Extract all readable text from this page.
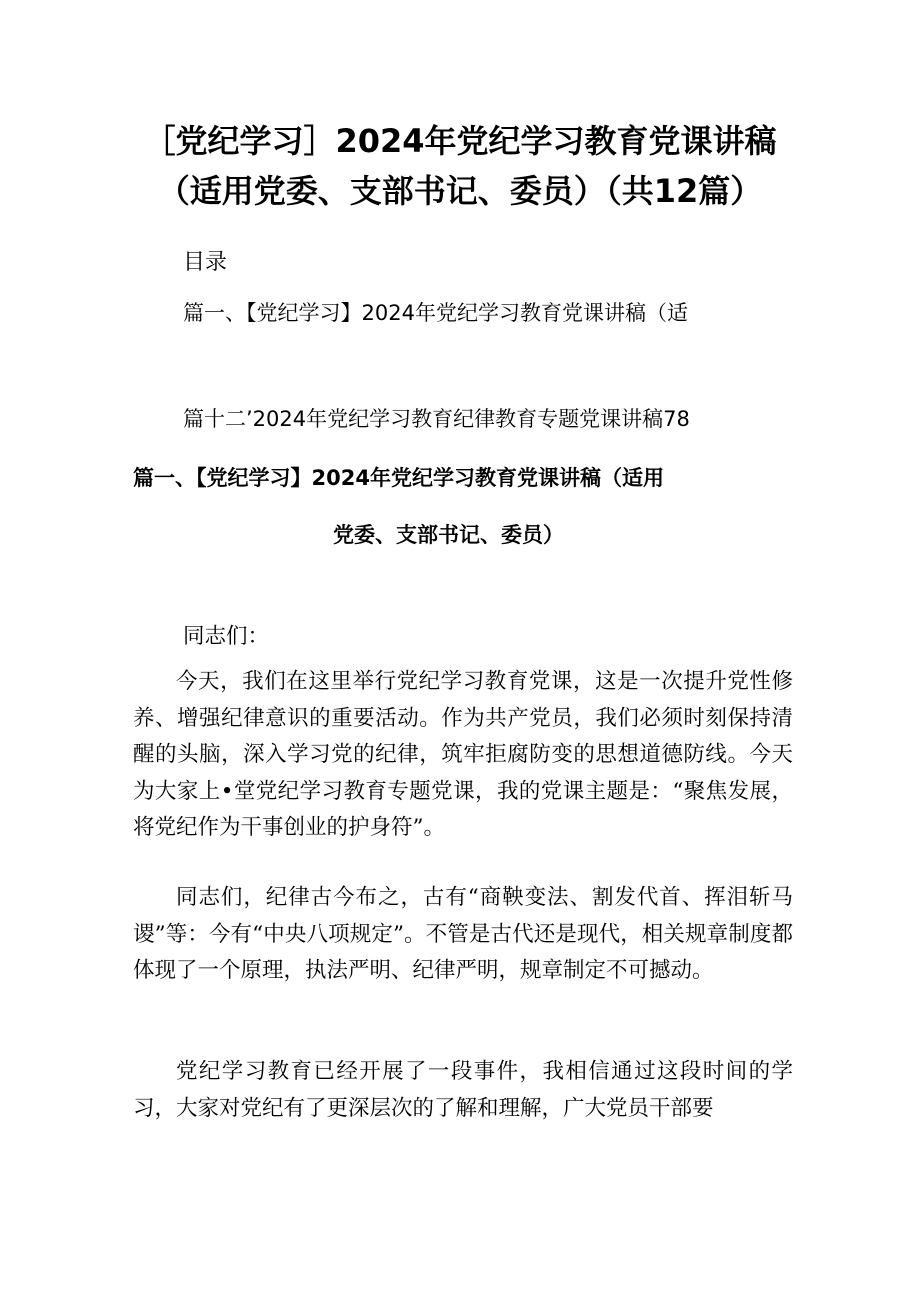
［党纪学习］2024年党纪学习教育党课讲稿
（适用党委、支部书记、委员）（共12篇）
目录
篇一、【党纪学习】2024年党纪学习教育党课讲稿（适
篇十二’2024年党纪学习教育纪律教育专题党课讲稿78
篇一、【党纪学习】2024年党纪学习教育党课讲稿（适用
党委、支部书记、委员）
同志们：

今天，我们在这里举行党纪学习教育党课，这是一次提升党性修养、增强纪律意识的重要活动。作为共产党员，我们必须时刻保持清醒的头脑，深入学习党的纪律，筑牢拒腐防变的思想道德防线。今天为大家上•堂党纪学习教育专题党课，我的党课主题是：“聚焦发展，将党纪作为干事创业的护身符”。

同志们，纪律古今布之，古有“商鞅变法、割发代首、挥泪斩马谡”等：今有“中央八项规定”。不管是古代还是现代，相关规章制度都体现了一个原理，执法严明、纪律严明，规章制定不可撼动。

党纪学习教育已经开展了一段事件，我相信通过这段时间的学习，大家对党纪有了更深层次的了解和理解，广大党员干部要
